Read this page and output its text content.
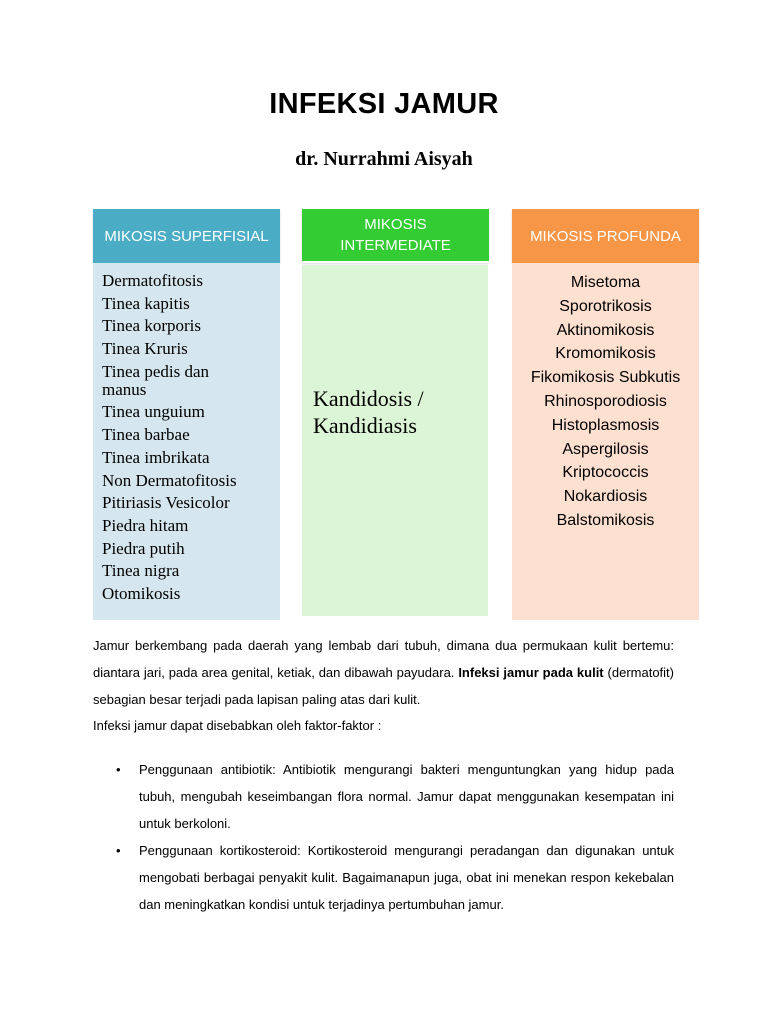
INFEKSI JAMUR
dr. Nurrahmi Aisyah
MIKOSIS SUPERFISIAL
Dermatofitosis
Tinea kapitis
Tinea korporis
Tinea Kruris
Tinea pedis dan
manus
Tinea unguium
Tinea barbae
Tinea imbrikata
Non Dermatofitosis
Pitiriasis Vesicolor
Piedra hitam
Piedra putih
Tinea nigra
Otomikosis
MIKOSIS INTERMEDIATE
Kandidosis /
Kandidiasis
MIKOSIS PROFUNDA
Misetoma
Sporotrikosis
Aktinomikosis
Kromomikosis
Fikomikosis Subkutis
Rhinosporodiosis
Histoplasmosis
Aspergilosis
Kriptococcis
Nokardiosis
Balstomikosis
Jamur berkembang pada daerah yang lembab dari tubuh, dimana dua permukaan kulit bertemu: diantara jari, pada area genital, ketiak, dan dibawah payudara. Infeksi jamur pada kulit (dermatofit) sebagian besar terjadi pada lapisan paling atas dari kulit.
Infeksi jamur dapat disebabkan oleh faktor-faktor :
• Penggunaan antibiotik: Antibiotik mengurangi bakteri menguntungkan yang hidup pada tubuh, mengubah keseimbangan flora normal. Jamur dapat menggunakan kesempatan ini untuk berkoloni.
• Penggunaan kortikosteroid: Kortikosteroid mengurangi peradangan dan digunakan untuk mengobati berbagai penyakit kulit. Bagaimanapun juga, obat ini menekan respon kekebalan dan meningkatkan kondisi untuk terjadinya pertumbuhan jamur.
